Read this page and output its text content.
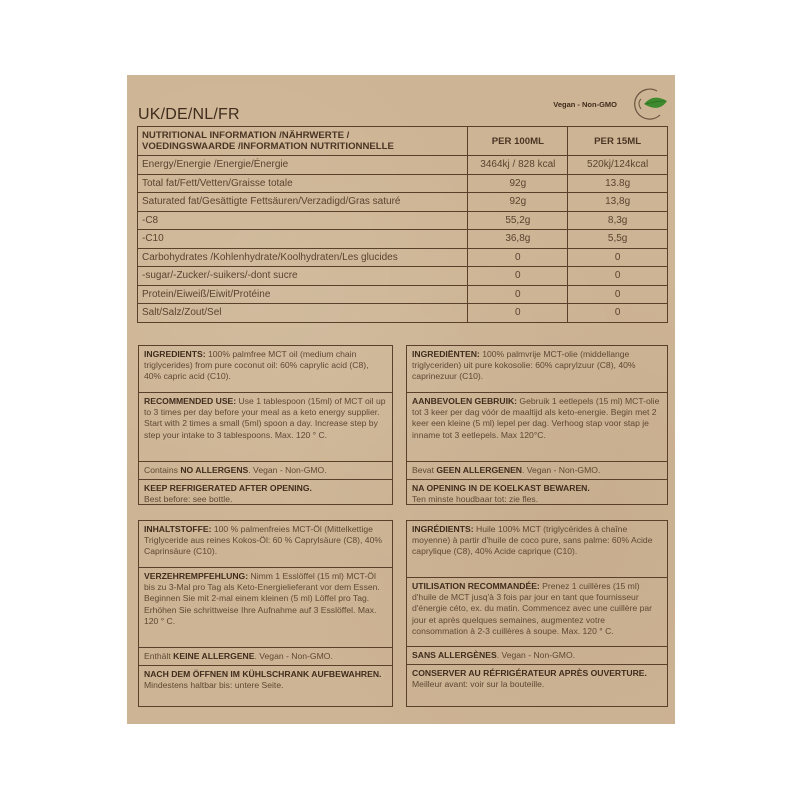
UK/DE/NL/FR
Vegan - Non-GMO
NUTRITIONAL INFORMATION /NÄHRWERTE /
VOEDINGSWAARDE /INFORMATION NUTRITIONNELLE	PER 100ML	PER 15ML
Energy/Energie /Energie/Énergie	3464kj / 828 kcal	520kj/124kcal
Total fat/Fett/Vetten/Graisse totale	92g	13.8g
Saturated fat/Gesättigte Fettsäuren/Verzadigd/Gras saturé	92g	13,8g
-C8	55,2g	8,3g
-C10	36,8g	5,5g
Carbohydrates /Kohlenhydrate/Koolhydraten/Les glucides	0	0
-sugar/-Zucker/-suikers/-dont sucre	0	0
Protein/Eiweiß/Eiwit/Protéine	0	0
Salt/Salz/Zout/Sel	0	0
INGREDIENTS: 100% palmfree MCT oil (medium chain triglycerides) from pure coconut oil: 60% caprylic acid (C8), 40% capric acid (C10).
RECOMMENDED USE: Use 1 tablespoon (15ml) of MCT oil up to 3 times per day before your meal as a keto energy supplier. Start with 2 times a small (5ml) spoon a day. Increase step by step your intake to 3 tablespoons. Max. 120 ° C.
Contains NO ALLERGENS. Vegan - Non-GMO.
KEEP REFRIGERATED AFTER OPENING.
Best before: see bottle.
INGREDIËNTEN: 100% palmvrije MCT-olie (middellange triglyceriden) uit pure kokosolie: 60% caprylzuur (C8), 40% caprinezuur (C10).
AANBEVOLEN GEBRUIK: Gebruik 1 eetlepels (15 ml) MCT-olie tot 3 keer per dag vóór de maaltijd als keto-energie. Begin met 2 keer een kleine (5 ml) lepel per dag. Verhoog stap voor stap je inname tot 3 eetlepels. Max 120°C.
Bevat GEEN ALLERGENEN. Vegan - Non-GMO.
NA OPENING IN DE KOELKAST BEWAREN.
Ten minste houdbaar tot: zie fles.
INHALTSTOFFE: 100 % palmenfreies MCT-Öl (Mittelkettige Triglyceride aus reines Kokos-Öl: 60 % Caprylsäure (C8), 40% Caprinsäure (C10).
VERZEHREMPFEHLUNG: Nimm 1 Esslöffel (15 ml) MCT-Öl bis zu 3-Mal pro Tag als Keto-Energielieferant vor dem Essen. Beginnen Sie mit 2-mal einem kleinen (5 ml) Löffel pro Tag. Erhöhen Sie schrittweise Ihre Aufnahme auf 3 Esslöffel. Max. 120 ° C.
Enthält KEINE ALLERGENE. Vegan - Non-GMO.
NACH DEM ÖFFNEN IM KÜHLSCHRANK AUFBEWAHREN.
Mindestens haltbar bis: untere Seite.
INGRÉDIENTS: Huile 100% MCT (triglycérides à chaîne moyenne) à partir d'huile de coco pure, sans palme: 60% Acide caprylique (C8), 40% Acide caprique (C10).
UTILISATION RECOMMANDÉE: Prenez 1 cuillères (15 ml) d'huile de MCT jusq'à 3 fois par jour en tant que fournisseur d'énergie céto, ex. du matin. Commencez avec une cuillère par jour et après quelques semaines, augmentez votre consommation à 2-3 cuillères à soupe. Max. 120 ° C.
SANS ALLERGÈNES. Vegan - Non-GMO.
CONSERVER AU RÉFRIGÉRATEUR APRÈS OUVERTURE.
Meilleur avant: voir sur la bouteille.
